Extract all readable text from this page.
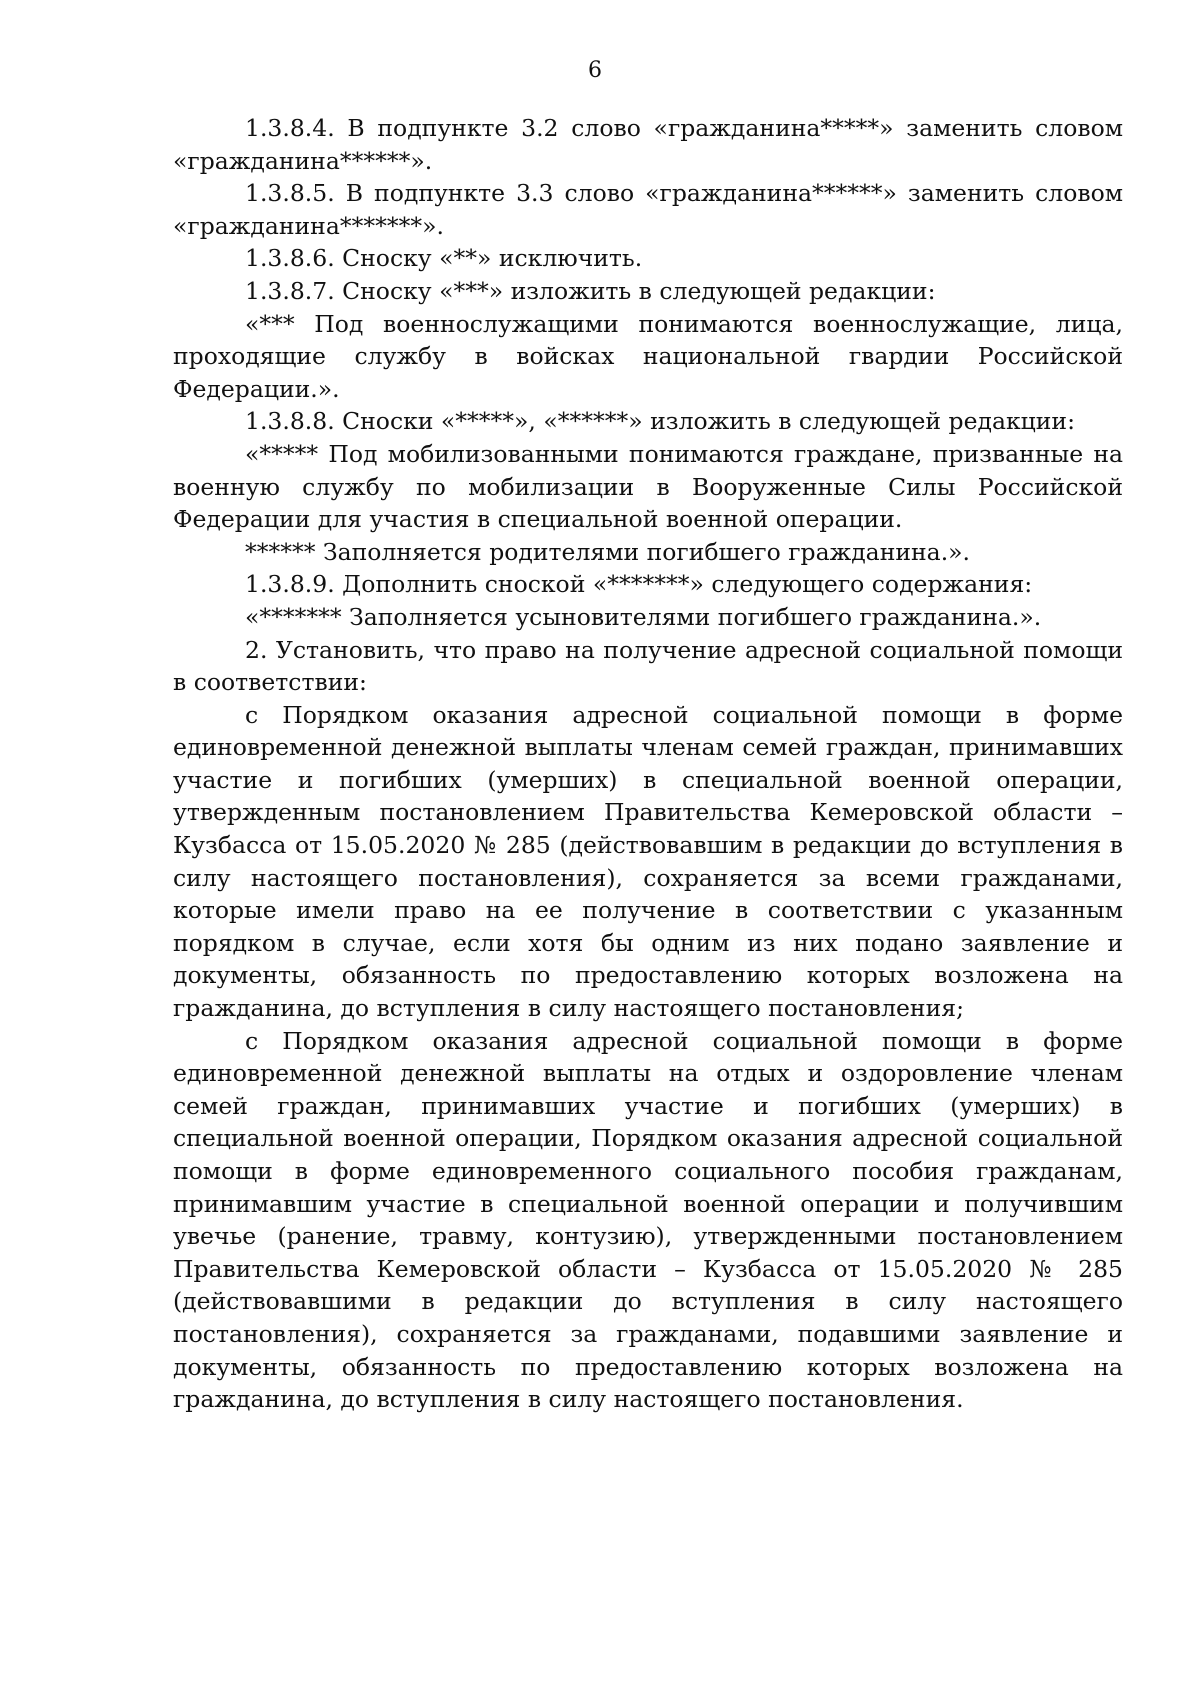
6

1.3.8.4. В подпункте 3.2 слово «гражданина*****» заменить словом «гражданина******».

1.3.8.5. В подпункте 3.3 слово «гражданина******» заменить словом «гражданина*******».

1.3.8.6. Сноску «**» исключить.

1.3.8.7. Сноску «***» изложить в следующей редакции:

«*** Под военнослужащими понимаются военнослужащие, лица, проходящие службу в войсках национальной гвардии Российской Федерации.».

1.3.8.8. Сноски «*****», «******» изложить в следующей редакции:

«***** Под мобилизованными понимаются граждане, призванные на военную службу по мобилизации в Вооруженные Силы Российской Федерации для участия в специальной военной операции.

****** Заполняется родителями погибшего гражданина.».

1.3.8.9. Дополнить сноской «*******» следующего содержания:

«******* Заполняется усыновителями погибшего гражданина.».

2. Установить, что право на получение адресной социальной помощи в соответствии:

с Порядком оказания адресной социальной помощи в форме единовременной денежной выплаты членам семей граждан, принимавших участие и погибших (умерших) в специальной военной операции, утвержденным постановлением Правительства Кемеровской области – Кузбасса от 15.05.2020 № 285 (действовавшим в редакции до вступления в силу настоящего постановления), сохраняется за всеми гражданами, которые имели право на ее получение в соответствии с указанным порядком в случае, если хотя бы одним из них подано заявление и документы, обязанность по предоставлению которых возложена на гражданина, до вступления в силу настоящего постановления;

с Порядком оказания адресной социальной помощи в форме единовременной денежной выплаты на отдых и оздоровление членам семей граждан, принимавших участие и погибших (умерших) в специальной военной операции, Порядком оказания адресной социальной помощи в форме единовременного социального пособия гражданам, принимавшим участие в специальной военной операции и получившим увечье (ранение, травму, контузию), утвержденными постановлением Правительства Кемеровской области – Кузбасса от 15.05.2020 № 285 (действовавшими в редакции до вступления в силу настоящего постановления), сохраняется за гражданами, подавшими заявление и документы, обязанность по предоставлению которых возложена на гражданина, до вступления в силу настоящего постановления.
